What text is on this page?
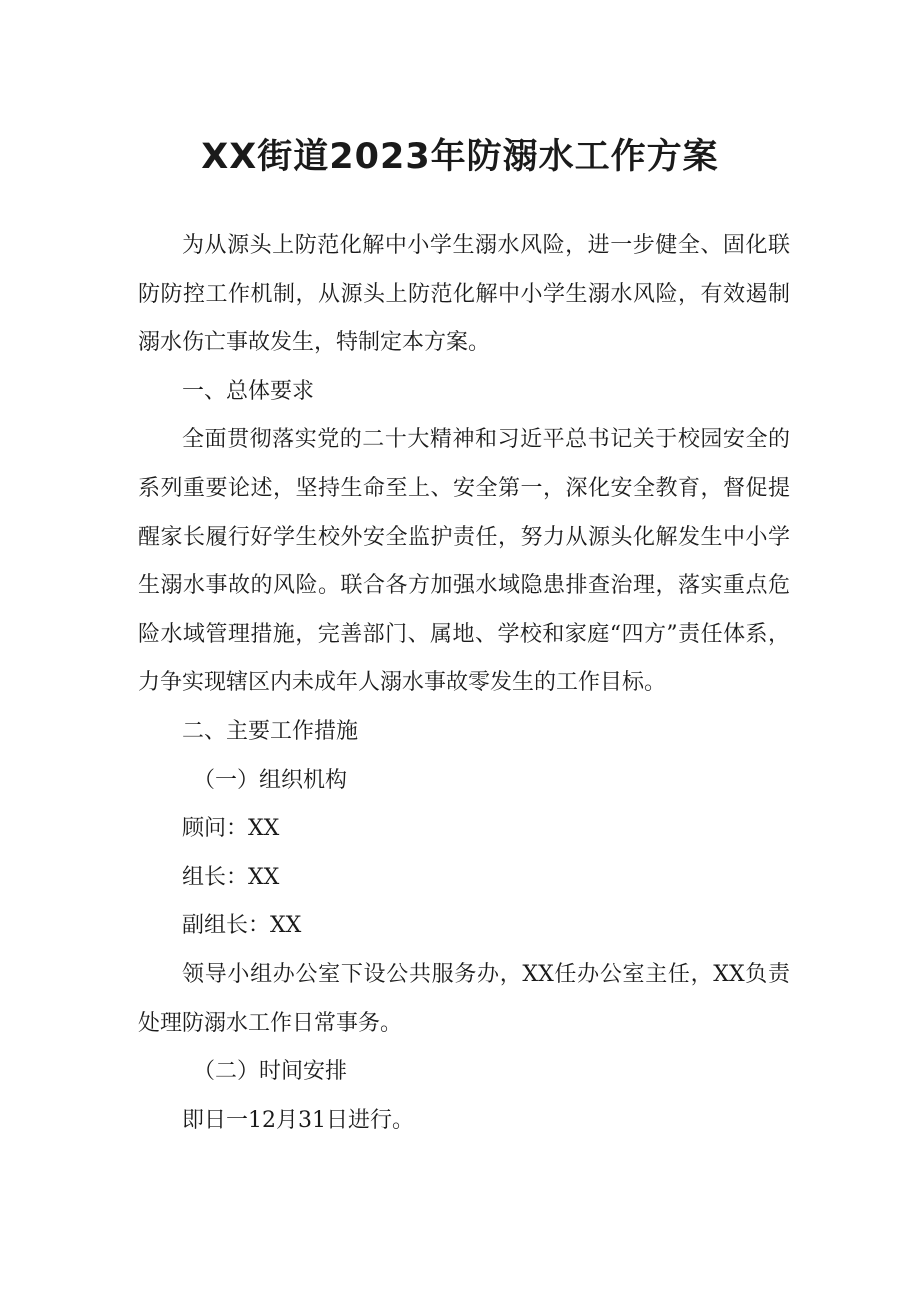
XX街道2023年防溺水工作方案

为从源头上防范化解中小学生溺水风险，进一步健全、固化联防防控工作机制，从源头上防范化解中小学生溺水风险，有效遏制溺水伤亡事故发生，特制定本方案。

一、总体要求

全面贯彻落实党的二十大精神和习近平总书记关于校园安全的系列重要论述，坚持生命至上、安全第一，深化安全教育，督促提醒家长履行好学生校外安全监护责任，努力从源头化解发生中小学生溺水事故的风险。联合各方加强水域隐患排查治理，落实重点危险水域管理措施，完善部门、属地、学校和家庭“四方”责任体系，力争实现辖区内未成年人溺水事故零发生的工作目标。

二、主要工作措施

（一）组织机构

顾问：XX

组长：XX

副组长：XX

领导小组办公室下设公共服务办，XX任办公室主任，XX负责处理防溺水工作日常事务。

（二）时间安排

即日一12月31日进行。
